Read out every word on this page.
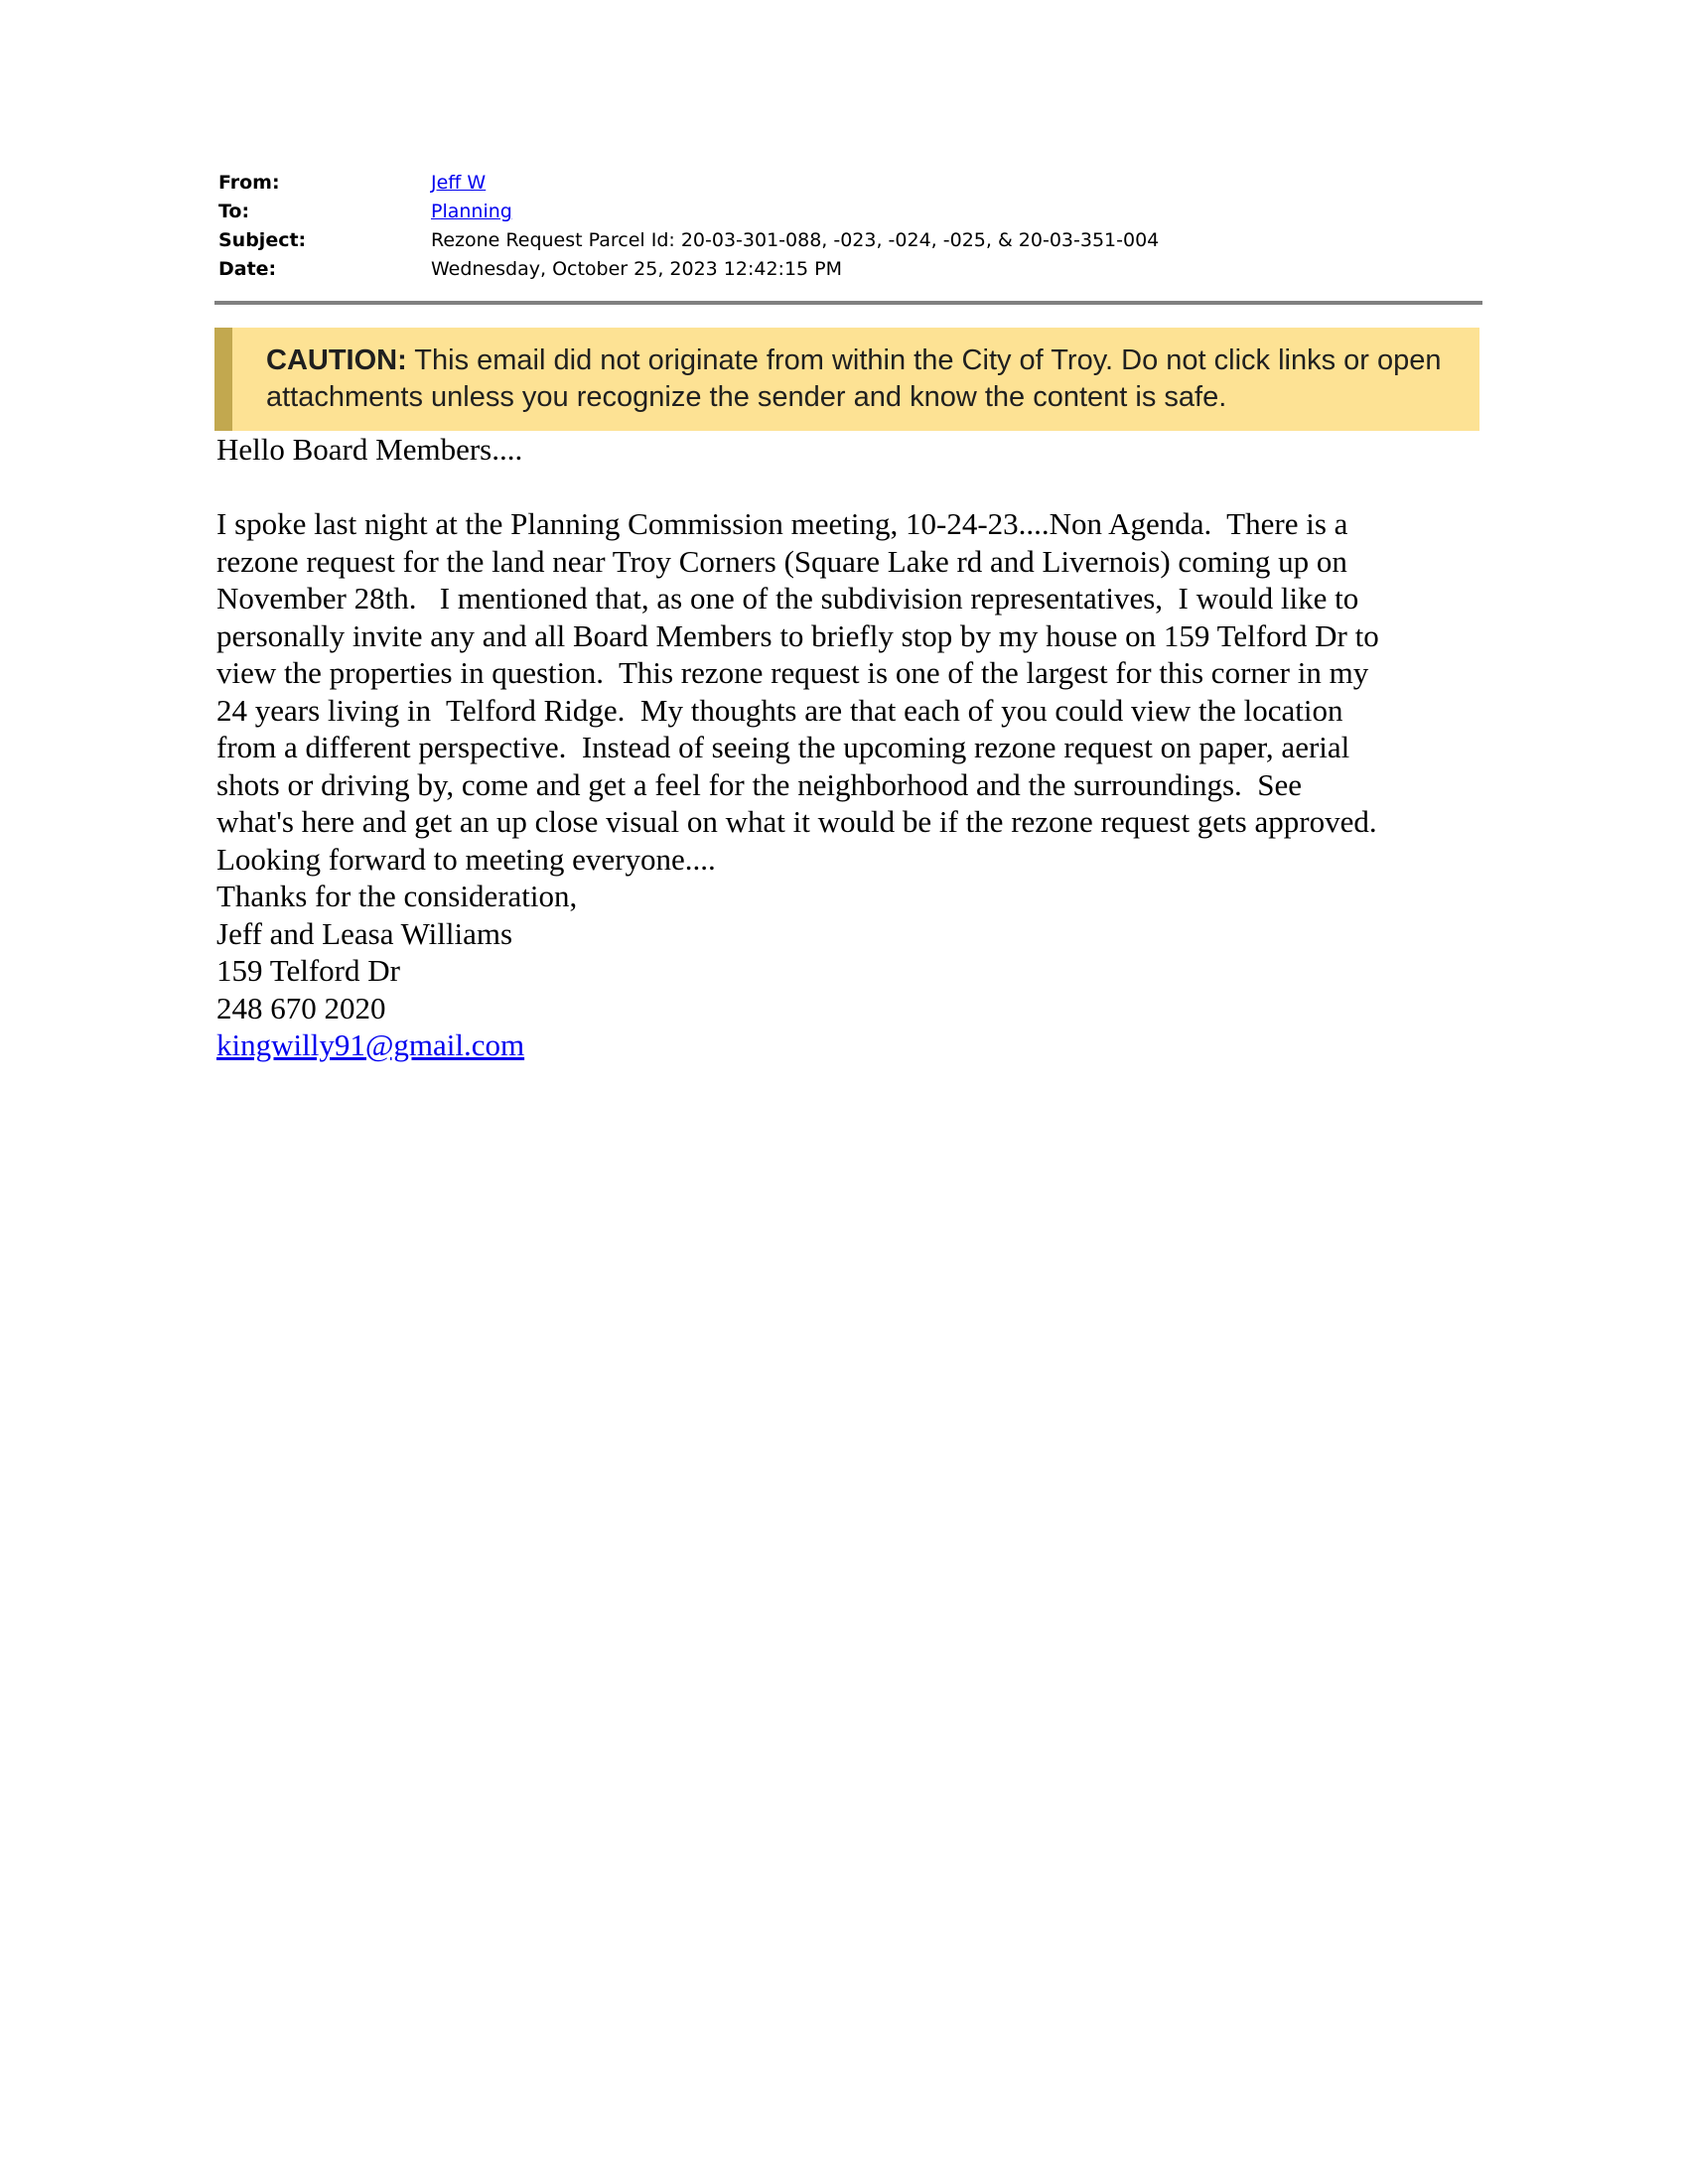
From:	Jeff W
To:	Planning
Subject:	Rezone Request Parcel Id: 20-03-301-088, -023, -024, -025, & 20-03-351-004
Date:	Wednesday, October 25, 2023 12:42:15 PM
CAUTION: This email did not originate from within the City of Troy. Do not click links or open attachments unless you recognize the sender and know the content is safe.

Hello Board Members....

I spoke last night at the Planning Commission meeting, 10-24-23....Non Agenda.  There is a

rezone request for the land near Troy Corners (Square Lake rd and Livernois) coming up on

November 28th.   I mentioned that, as one of the subdivision representatives,  I would like to

personally invite any and all Board Members to briefly stop by my house on 159 Telford Dr to

view the properties in question.  This rezone request is one of the largest for this corner in my

24 years living in  Telford Ridge.  My thoughts are that each of you could view the location

from a different perspective.  Instead of seeing the upcoming rezone request on paper, aerial

shots or driving by, come and get a feel for the neighborhood and the surroundings.  See

what's here and get an up close visual on what it would be if the rezone request gets approved.

Looking forward to meeting everyone....

Thanks for the consideration,

Jeff and Leasa Williams

159 Telford Dr

248 670 2020

kingwilly91@gmail.com
